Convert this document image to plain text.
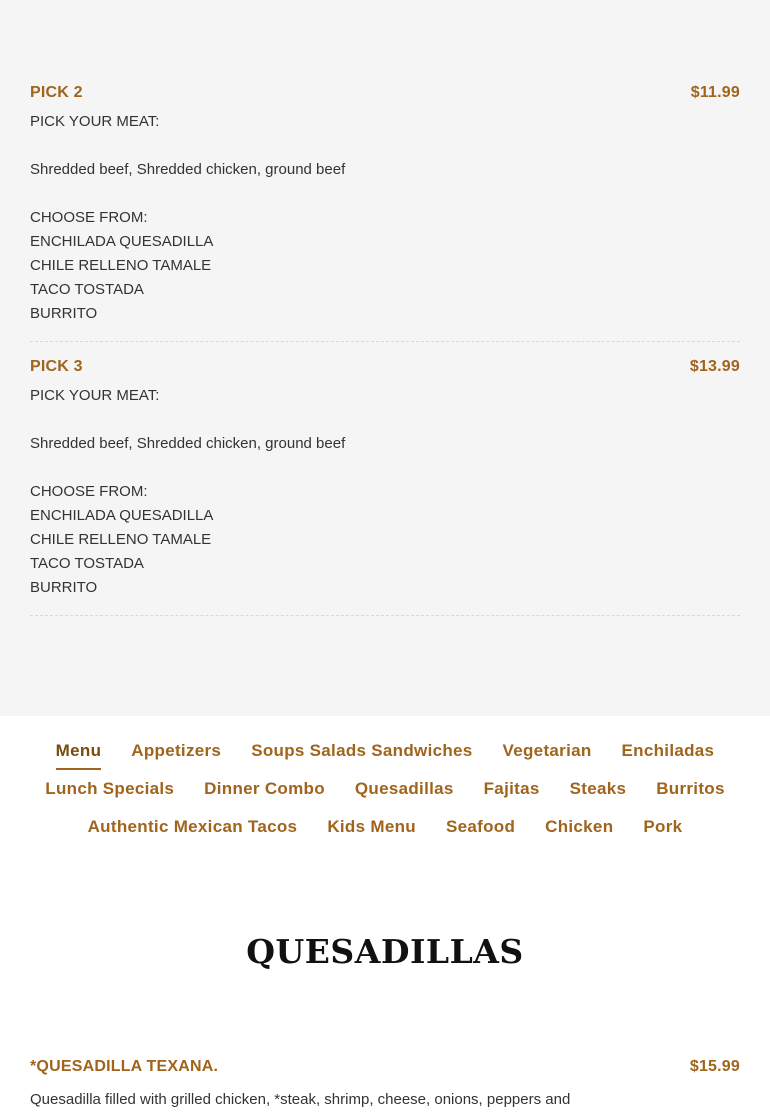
PICK 2	$11.99
PICK YOUR MEAT:
Shredded beef, Shredded chicken, ground beef
CHOOSE FROM:
ENCHILADA QUESADILLA
CHILE RELLENO TAMALE
TACO TOSTADA
BURRITO
PICK 3	$13.99
PICK YOUR MEAT:
Shredded beef, Shredded chicken, ground beef
CHOOSE FROM:
ENCHILADA QUESADILLA
CHILE RELLENO TAMALE
TACO TOSTADA
BURRITO
Menu Appetizers Soups Salads Sandwiches Vegetarian Enchiladas
Lunch Specials Dinner Combo Quesadillas Fajitas Steaks Burritos
Authentic Mexican Tacos Kids Menu Seafood Chicken Pork
QUESADILLAS
*QUESADILLA TEXANA.	$15.99
Quesadilla filled with grilled chicken, *steak, shrimp, cheese, onions, peppers and
